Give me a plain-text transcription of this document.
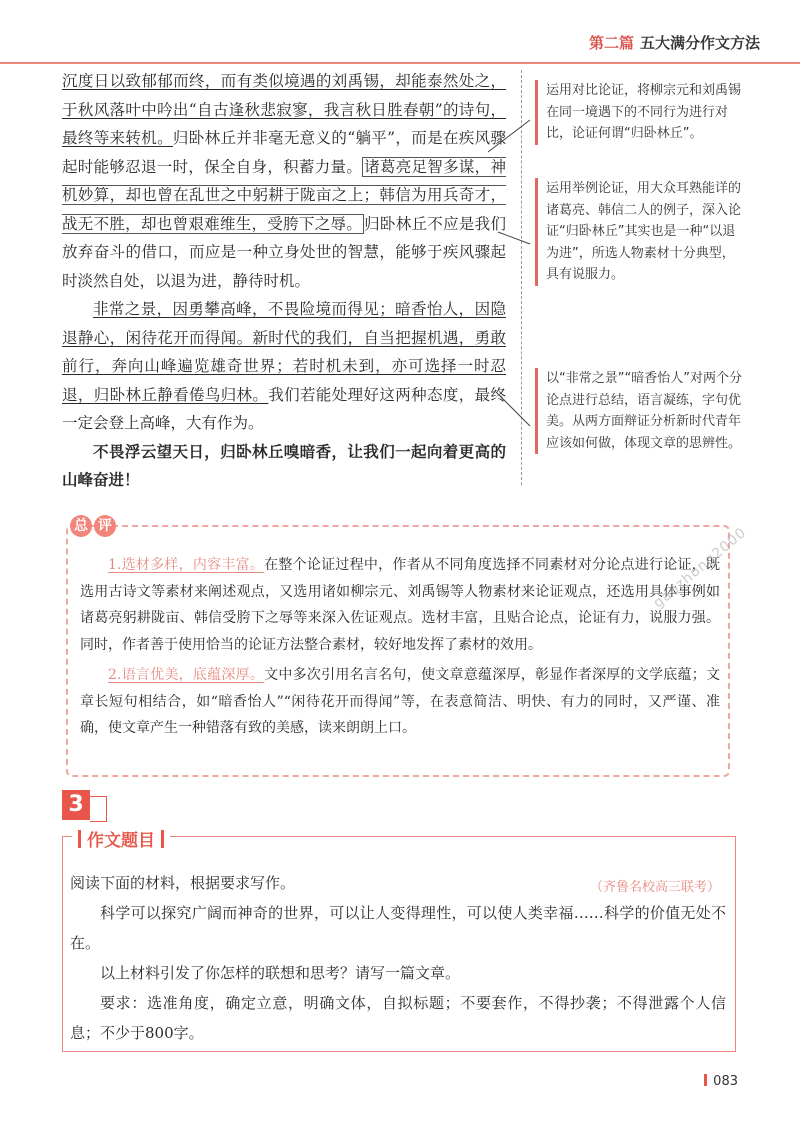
第二篇 五大满分作文方法

沉度日以致郁郁而终，而有类似境遇的刘禹锡，却能泰然处之，于秋风落叶中吟出“自古逢秋悲寂寥，我言秋日胜春朝”的诗句，最终等来转机。归卧林丘并非毫无意义的“躺平”，而是在疾风骤起时能够忍退一时，保全自身，积蓄力量。 诸葛亮足智多谋，神机妙算，却也曾在乱世之中躬耕于陇亩之上；韩信为用兵奇才，战无不胜，却也曾艰难维生，受胯下之辱。 归卧林丘不应是我们放弃奋斗的借口，而应是一种立身处世的智慧，能够于疾风骤起时淡然自处，以退为进，静待时机。

非常之景，因勇攀高峰，不畏险境而得见；暗香怡人，因隐退静心，闲待花开而得闻。新时代的我们，自当把握机遇，勇敢前行，奔向山峰遍览雄奇世界；若时机未到，亦可选择一时忍退，归卧林丘静看倦鸟归林。我们若能处理好这两种态度，最终一定会登上高峰，大有作为。

不畏浮云望天日，归卧林丘嗅暗香，让我们一起向着更高的山峰奋进！

运用对比论证，将柳宗元和刘禹锡在同一境遇下的不同行为进行对比，论证何谓“归卧林丘”。
运用举例论证，用大众耳熟能详的诸葛亮、韩信二人的例子，深入论证“归卧林丘”其实也是一种“以退为进”，所选人物素材十分典型，具有说服力。
以“非常之景”“暗香怡人”对两个分论点进行总结，语言凝练，字句优美。从两方面辩证分析新时代青年应该如何做，体现文章的思辨性。
总 评

1.选材多样，内容丰富。在整个论证过程中，作者从不同角度选择不同素材对分论点进行论证，既选用古诗文等素材来阐述观点，又选用诸如柳宗元、刘禹锡等人物素材来论证观点，还选用具体事例如诸葛亮躬耕陇亩、韩信受胯下之辱等来深入佐证观点。选材丰富，且贴合论点，论证有力，说服力强。同时，作者善于使用恰当的论证方法整合素材，较好地发挥了素材的效用。

2.语言优美，底蕴深厚。文中多次引用名言名句，使文章意蕴深厚，彰显作者深厚的文学底蕴；文章长短句相结合，如“暗香怡人”“闲待花开而得闻”等，在表意简洁、明快、有力的同时，又严谨、准确，使文章产生一种错落有致的美感，读来朗朗上口。

gaozhong2000
3
作文题目
（齐鲁名校高三联考）

阅读下面的材料，根据要求写作。

科学可以探究广阔而神奇的世界，可以让人变得理性，可以使人类幸福……科学的价值无处不在。

以上材料引发了你怎样的联想和思考？请写一篇文章。

要求：选准角度，确定立意，明确文体，自拟标题；不要套作，不得抄袭；不得泄露个人信息；不少于800字。

083
